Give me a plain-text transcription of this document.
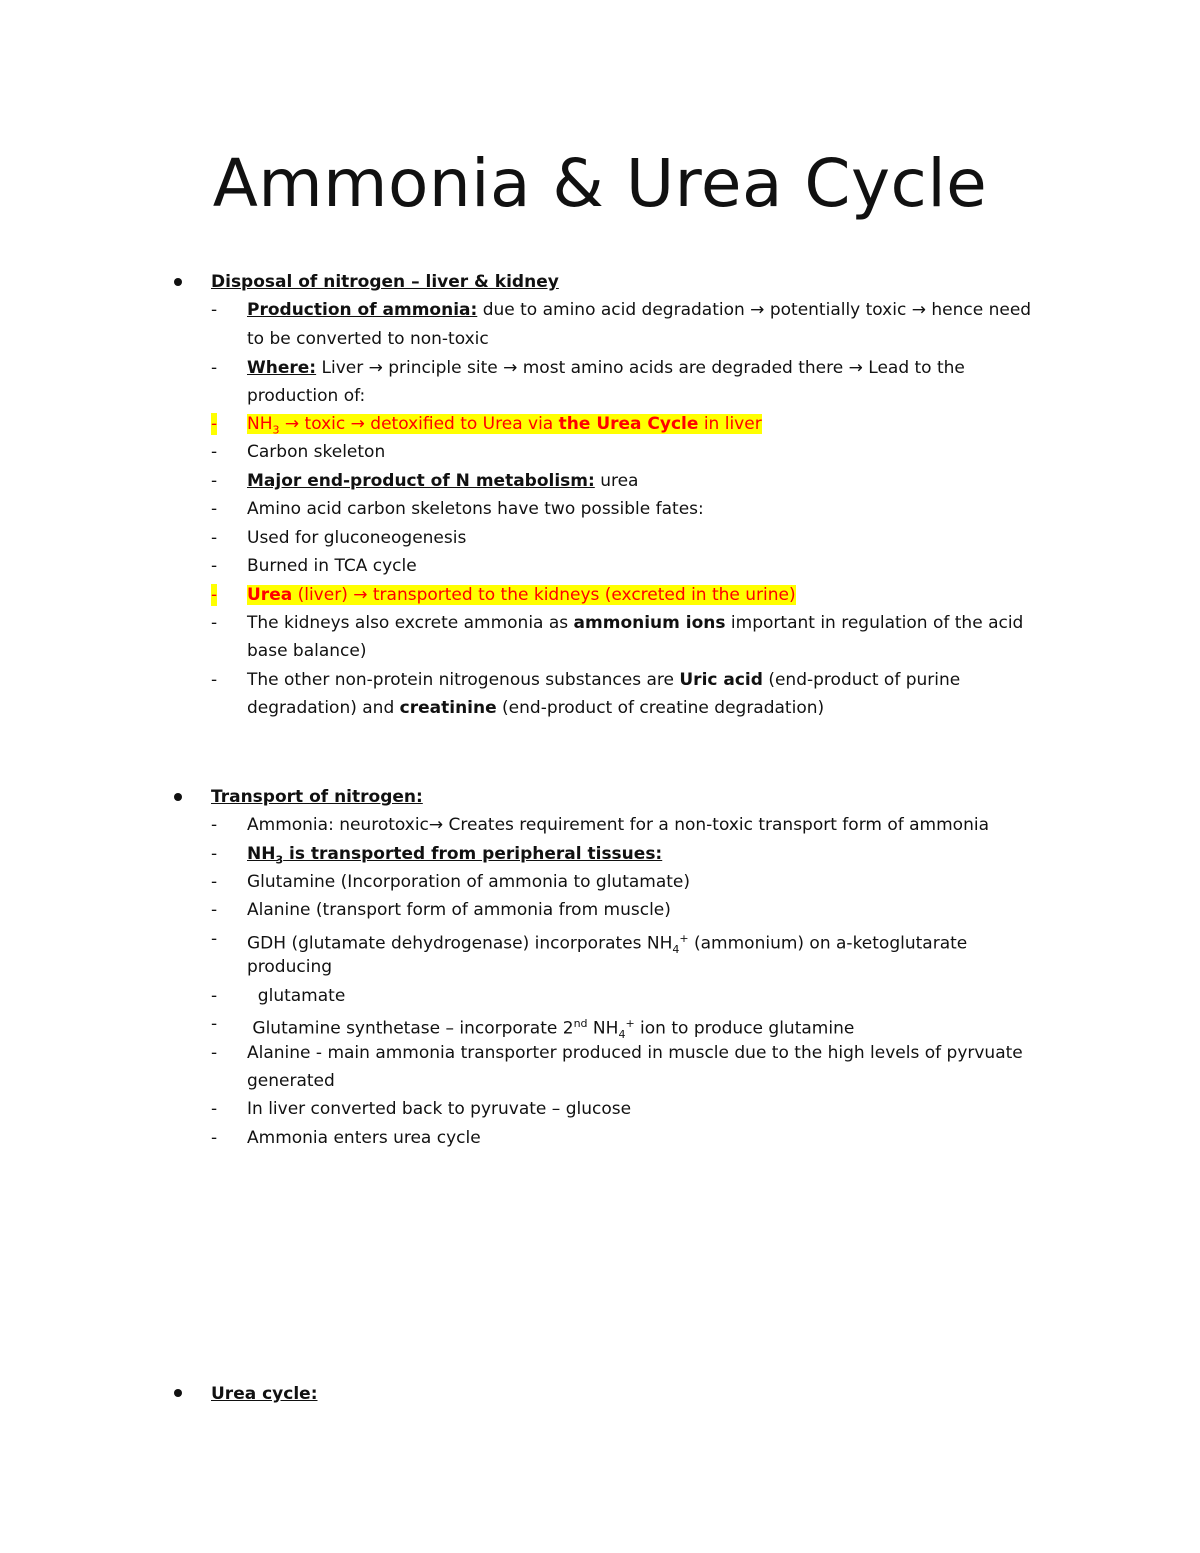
Ammonia & Urea Cycle

Disposal of nitrogen – liver & kidney

- Production of ammonia: due to amino acid degradation → potentially toxic → hence need
to be converted to non-toxic
- Where: Liver → principle site → most amino acids are degraded there → Lead to the
production of:
- $NH_3$ → toxic → detoxified to Urea via the Urea Cycle in liver
- Carbon skeleton
- Major end-product of N metabolism: urea
- Amino acid carbon skeletons have two possible fates:
- Used for gluconeogenesis
- Burned in TCA cycle
- Urea (liver) → transported to the kidneys (excreted in the urine)
- The kidneys also excrete ammonia as ammonium ions important in regulation of the acid
base balance)
- The other non-protein nitrogenous substances are Uric acid (end-product of purine
degradation) and creatinine (end-product of creatine degradation)

Transport of nitrogen:

- Ammonia: neurotoxic→ Creates requirement for a non-toxic transport form of ammonia
- $NH_3$ is transported from peripheral tissues:
- Glutamine (Incorporation of ammonia to glutamate)
- Alanine (transport form of ammonia from muscle)
- GDH (glutamate dehydrogenase) incorporates $NH_4^+$ (ammonium) on a-ketoglutarate
producing
- glutamate
- Glutamine synthetase – incorporate 2nd $NH_4^+$ ion to produce glutamine
- Alanine - main ammonia transporter produced in muscle due to the high levels of pyrvuate
generated
- In liver converted back to pyruvate – glucose
- Ammonia enters urea cycle

Urea cycle:
